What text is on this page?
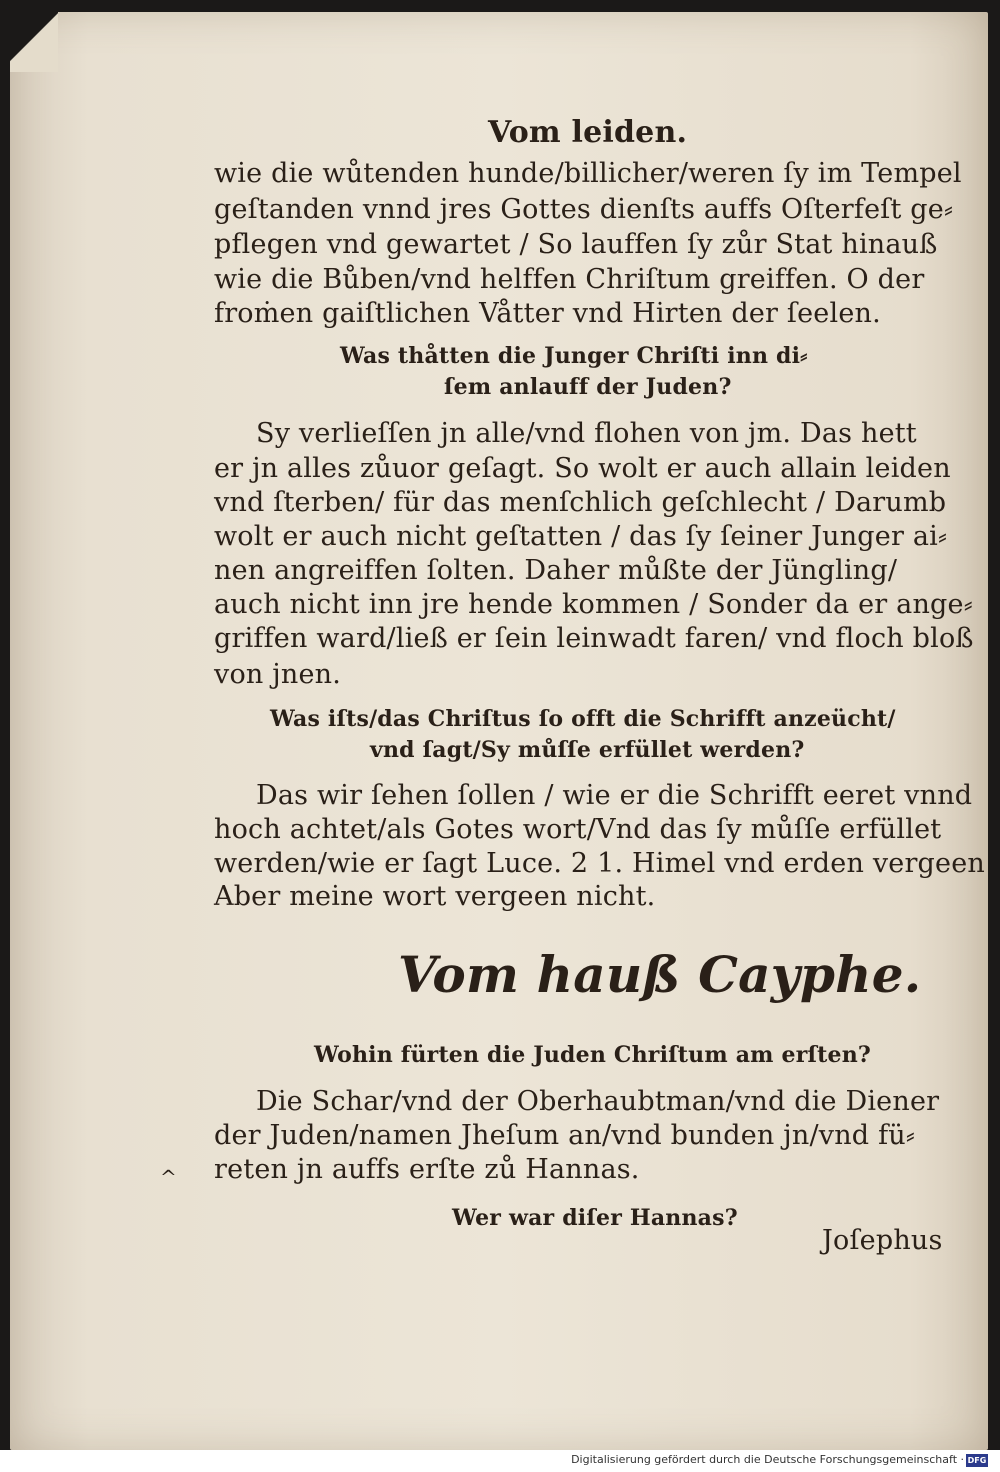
Vom leiden.
wie die wůtenden hunde/billicher/weren ſy im Tempel
geſtanden vnnd jres Gottes dienſts auffs Oſterfeſt ge⸗
pflegen vnd gewartet / So lauffen ſy zůr Stat hinauß
wie die Bůben/vnd helffen Chriſtum greiffen. O der
froṁen gaiſtlichen Våtter vnd Hirten der ſeelen.
Was thåtten die Junger Chriſti inn di⸗
ſem anlauff der Juden?
Sy verlieſſen jn alle/vnd flohen von jm. Das hett
er jn alles zůuor geſagt. So wolt er auch allain leiden
vnd ſterben/ für das menſchlich geſchlecht / Darumb
wolt er auch nicht geſtatten / das ſy ſeiner Junger ai⸗
nen angreiffen ſolten. Daher můßte der Jüngling/
auch nicht inn jre hende kommen / Sonder da er ange⸗
griffen ward/ließ er ſein leinwadt faren/ vnd floch bloß
von jnen.
Was iſts/das Chriſtus ſo offt die Schrifft anzeücht/
vnd ſagt/Sy můſſe erfüllet werden?
Das wir ſehen ſollen / wie er die Schrifft eeret vnnd
hoch achtet/als Gotes wort/Vnd das ſy můſſe erfüllet
werden/wie er ſagt Luce. 2 1. Himel vnd erden vergeen
Aber meine wort vergeen nicht.
Vom hauß Cayphe.
Wohin fürten die Juden Chriſtum am erſten?
Die Schar/vnd der Oberhaubtman/vnd die Diener
der Juden/namen Jheſum an/vnd bunden jn/vnd fü⸗
reten jn auffs erſte zů Hannas.
^
Wer war diſer Hannas?
Joſephus
Digitalisierung gefördert durch die Deutsche Forschungsgemeinschaft · DFG
